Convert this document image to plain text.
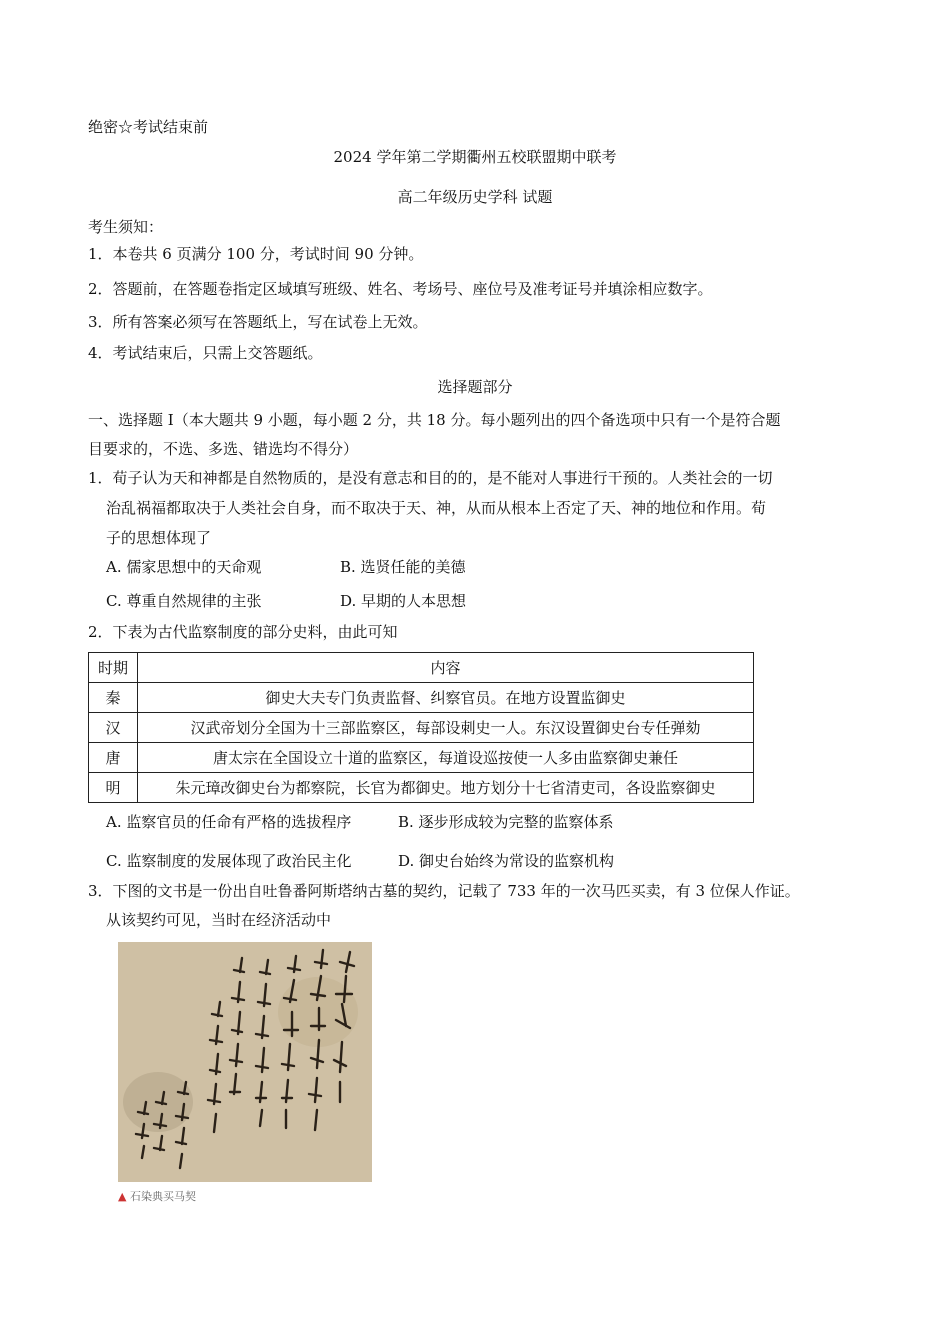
绝密☆考试结束前
2024 学年第二学期衢州五校联盟期中联考
高二年级历史学科 试题
考生须知：
1．本卷共 6 页满分 100 分，考试时间 90 分钟。
2．答题前，在答题卷指定区域填写班级、姓名、考场号、座位号及准考证号并填涂相应数字。
3．所有答案必须写在答题纸上，写在试卷上无效。
4．考试结束后，只需上交答题纸。
选择题部分
一、选择题 I（本大题共 9 小题，每小题 2 分，共 18 分。每小题列出的四个备选项中只有一个是符合题
目要求的，不选、多选、错选均不得分）
1．荀子认为天和神都是自然物质的，是没有意志和目的的，是不能对人事进行干预的。人类社会的一切
治乱祸福都取决于人类社会自身，而不取决于天、神，从而从根本上否定了天、神的地位和作用。荀
子的思想体现了
A. 儒家思想中的天命观	B. 选贤任能的美德
C. 尊重自然规律的主张	D. 早期的人本思想
2．下表为古代监察制度的部分史料，由此可知
时期	内容
秦	御史大夫专门负责监督、纠察官员。在地方设置监御史
汉	汉武帝划分全国为十三部监察区，每部设刺史一人。东汉设置御史台专任弹劾
唐	唐太宗在全国设立十道的监察区，每道设巡按使一人多由监察御史兼任
明	朱元璋改御史台为都察院，长官为都御史。地方划分十七省清吏司，各设监察御史
A. 监察官员的任命有严格的选拔程序	B. 逐步形成较为完整的监察体系
C. 监察制度的发展体现了政治民主化	D. 御史台始终为常设的监察机构
3．下图的文书是一份出自吐鲁番阿斯塔纳古墓的契约，记载了 733 年的一次马匹买卖，有 3 位保人作证。
从该契约可见，当时在经济活动中
▲ 石染典买马契
